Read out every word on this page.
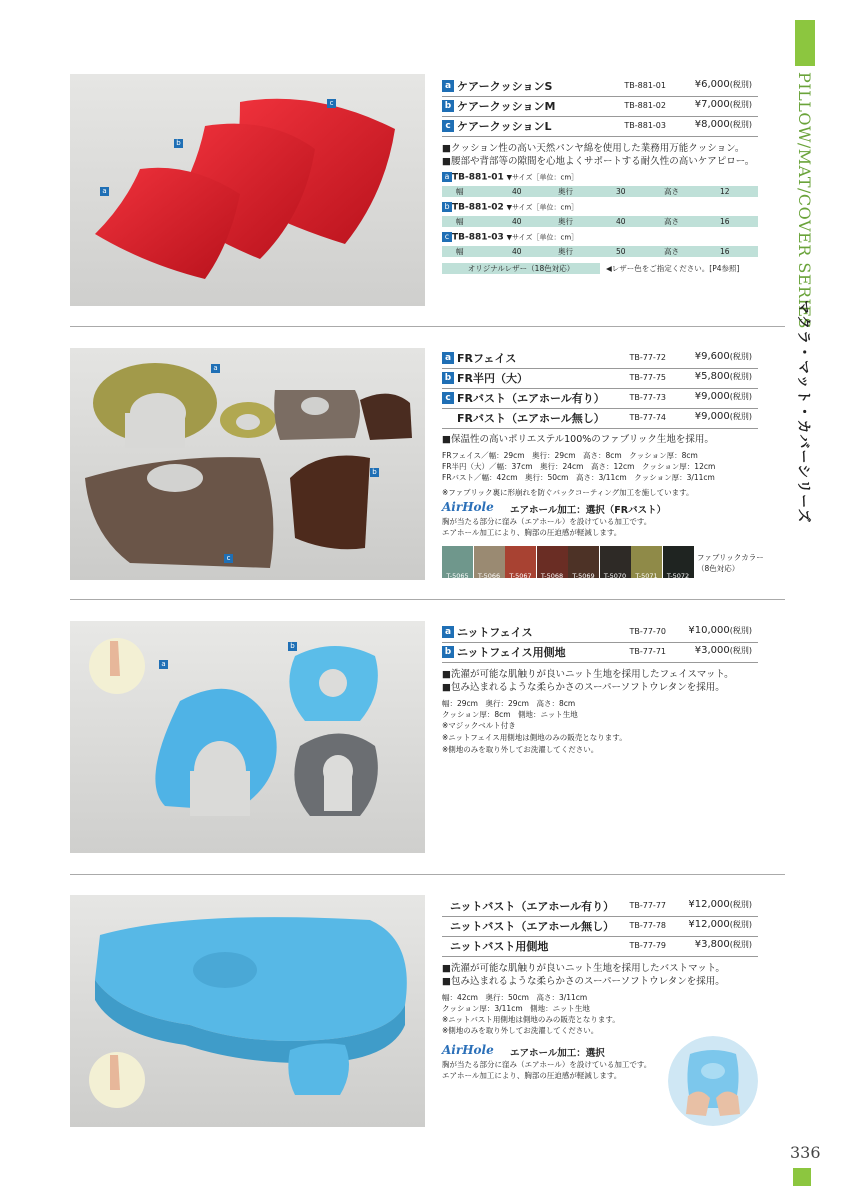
PILLOW/MAT/COVER SERIES
マクラ・マット・カバーシリーズ
336
c
b
a
a ケアークッションS	TB-881-01	¥6,000(税別)
b ケアークッションM	TB-881-02	¥7,000(税別)
c ケアークッションL	TB-881-03	¥8,000(税別)
■クッション性の高い天然パンヤ綿を使用した業務用万能クッション。
■腰部や背部等の隙間を心地よくサポートする耐久性の高いケアピロー。
a TB-881-01 ▼サイズ［単位：cm］
幅	40	奥行	30	高さ	12
b TB-881-02 ▼サイズ［単位：cm］
幅	40	奥行	40	高さ	16
c TB-881-03 ▼サイズ［単位：cm］
幅	40	奥行	50	高さ	16
オリジナルレザー（18色対応）	◀レザー色をご指定ください。[P4参照]
a
b
c
a FRフェイス	TB-77-72	¥9,600(税別)
b FR半円（大）	TB-77-75	¥5,800(税別)
c FRバスト（エアホール有り）	TB-77-73	¥9,000(税別)
FRバスト（エアホール無し）	TB-77-74	¥9,000(税別)
■保温性の高いポリエステル100%のファブリック生地を採用。
FRフェイス／幅：29cm　奥行：29cm　高さ：8cm　クッション厚：8cm
FR半円（大）／幅：37cm　奥行：24cm　高さ：12cm　クッション厚：12cm
FRバスト／幅：42cm　奥行：50cm　高さ：3/11cm　クッション厚：3/11cm
※ファブリック裏に形崩れを防ぐバックコーティング加工を施しています。
AirHole エアホール加工：選択（FRバスト）
胸が当たる部分に窪み（エアホール）を設けている加工です。
エアホール加工により、胸部の圧迫感が軽減します。
T-5065	T-5066	T-5067	T-5068	T-5069	T-5070	T-5071	T-5072
ファブリックカラー
（8色対応）
a
b
a ニットフェイス	TB-77-70 ¥10,000(税別)
b ニットフェイス用側地	TB-77-71	¥3,000(税別)
■洗濯が可能な肌触りが良いニット生地を採用したフェイスマット。
■包み込まれるような柔らかさのスーパーソフトウレタンを採用。
幅：29cm　奥行：29cm　高さ：8cm
クッション厚：8cm　側地：ニット生地
※マジックベルト付き
※ニットフェイス用側地は側地のみの販売となります。
※側地のみを取り外してお洗濯してください。
ニットバスト（エアホール有り） TB-77-77 ¥12,000(税別)
ニットバスト（エアホール無し） TB-77-78 ¥12,000(税別)
ニットバスト用側地	TB-77-79	¥3,800(税別)
■洗濯が可能な肌触りが良いニット生地を採用したバストマット。
■包み込まれるような柔らかさのスーパーソフトウレタンを採用。
幅：42cm　奥行：50cm　高さ：3/11cm
クッション厚：3/11cm　側地：ニット生地
※ニットバスト用側地は側地のみの販売となります。
※側地のみを取り外してお洗濯してください。
AirHole エアホール加工：選択
胸が当たる部分に窪み（エアホール）を設けている加工です。
エアホール加工により、胸部の圧迫感が軽減します。
